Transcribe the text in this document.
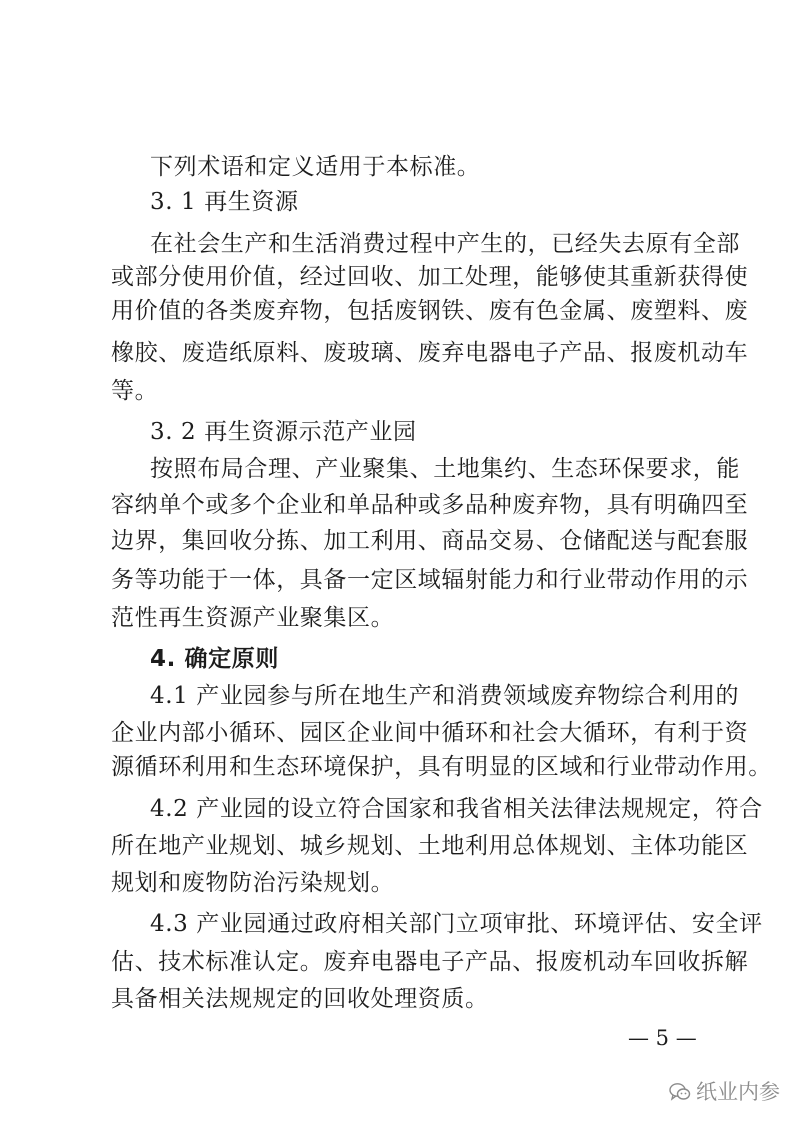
下列术语和定义适用于本标准。
3. 1 再生资源
在社会生产和生活消费过程中产生的，已经失去原有全部
或部分使用价值，经过回收、加工处理，能够使其重新获得使
用价值的各类废弃物，包括废钢铁、废有色金属、废塑料、废
橡胶、废造纸原料、废玻璃、废弃电器电子产品、报废机动车
等。
3. 2 再生资源示范产业园
按照布局合理、产业聚集、土地集约、生态环保要求，能
容纳单个或多个企业和单品种或多品种废弃物，具有明确四至
边界，集回收分拣、加工利用、商品交易、仓储配送与配套服
务等功能于一体，具备一定区域辐射能力和行业带动作用的示
范性再生资源产业聚集区。
4. 确定原则
4.1 产业园参与所在地生产和消费领域废弃物综合利用的
企业内部小循环、园区企业间中循环和社会大循环，有利于资
源循环利用和生态环境保护，具有明显的区域和行业带动作用。
4.2 产业园的设立符合国家和我省相关法律法规规定，符合
所在地产业规划、城乡规划、土地利用总体规划、主体功能区
规划和废物防治污染规划。
4.3 产业园通过政府相关部门立项审批、环境评估、安全评
估、技术标准认定。废弃电器电子产品、报废机动车回收拆解
具备相关法规规定的回收处理资质。
— 5 —
纸业内参
